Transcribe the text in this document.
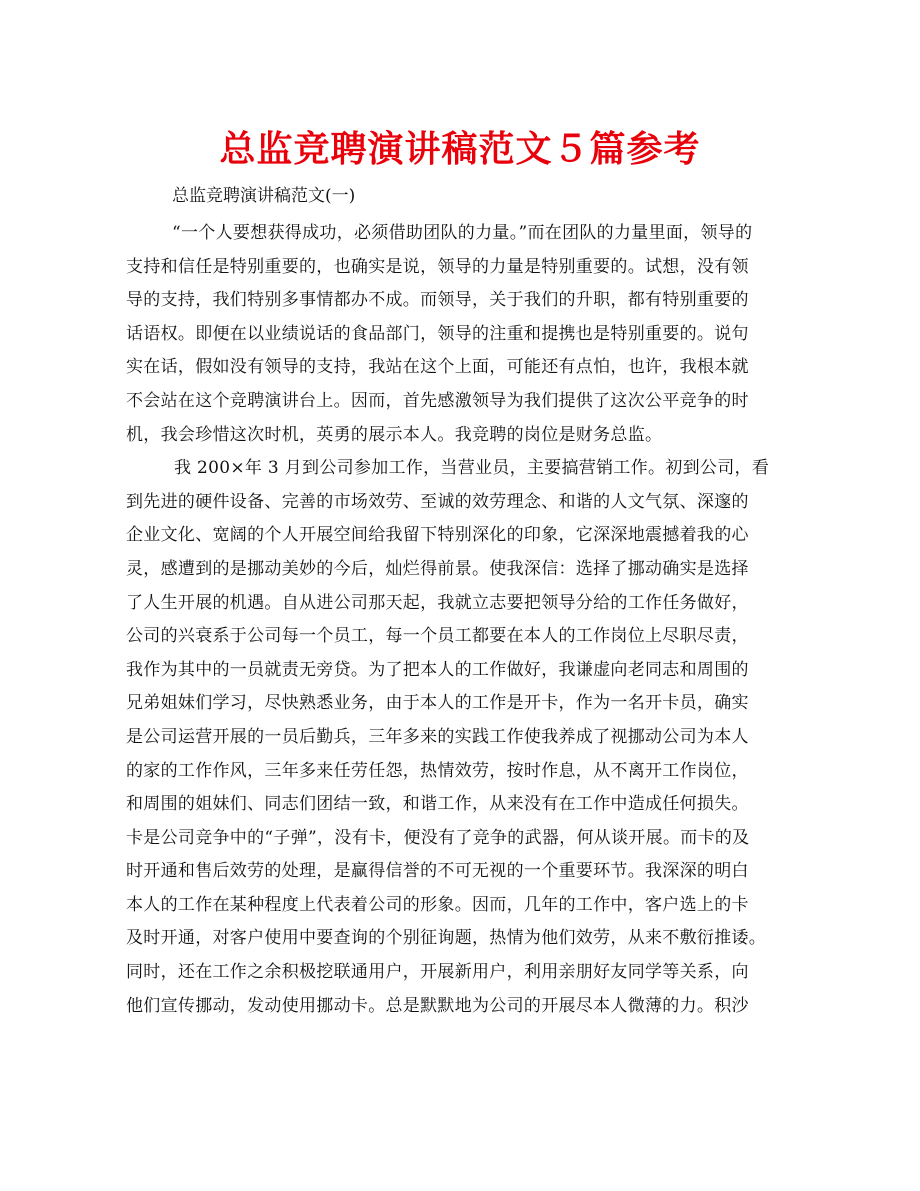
总监竞聘演讲稿范文５篇参考
总监竞聘演讲稿范文(一)

“一个人要想获得成功，必须借助团队的力量。”而在团队的力量里面，领导的
支持和信任是特别重要的，也确实是说，领导的力量是特别重要的。试想，没有领
导的支持，我们特别多事情都办不成。而领导，关于我们的升职，都有特别重要的
话语权。即便在以业绩说话的食品部门，领导的注重和提携也是特别重要的。说句
实在话，假如没有领导的支持，我站在这个上面，可能还有点怕，也许，我根本就
不会站在这个竞聘演讲台上。因而，首先感激领导为我们提供了这次公平竞争的时
机，我会珍惜这次时机，英勇的展示本人。我竞聘的岗位是财务总监。

我 200×年 3 月到公司参加工作，当营业员，主要搞营销工作。初到公司，看
到先进的硬件设备、完善的市场效劳、至诚的效劳理念、和谐的人文气氛、深邃的
企业文化、宽阔的个人开展空间给我留下特别深化的印象，它深深地震撼着我的心
灵，感遭到的是挪动美妙的今后，灿烂得前景。使我深信：选择了挪动确实是选择
了人生开展的机遇。自从进公司那天起，我就立志要把领导分给的工作任务做好，
公司的兴衰系于公司每一个员工，每一个员工都要在本人的工作岗位上尽职尽责，
我作为其中的一员就责无旁贷。为了把本人的工作做好，我谦虚向老同志和周围的
兄弟姐妹们学习，尽快熟悉业务，由于本人的工作是开卡，作为一名开卡员，确实
是公司运营开展的一员后勤兵，三年多来的实践工作使我养成了视挪动公司为本人
的家的工作作风，三年多来任劳任怨，热情效劳，按时作息，从不离开工作岗位，
和周围的姐妹们、同志们团结一致，和谐工作，从来没有在工作中造成任何损失。
卡是公司竞争中的“子弹”，没有卡，便没有了竞争的武器，何从谈开展。而卡的及
时开通和售后效劳的处理，是赢得信誉的不可无视的一个重要环节。我深深的明白
本人的工作在某种程度上代表着公司的形象。因而，几年的工作中，客户选上的卡
及时开通，对客户使用中要查询的个别征询题，热情为他们效劳，从来不敷衍推诿。
同时，还在工作之余积极挖联通用户，开展新用户，利用亲朋好友同学等关系，向
他们宣传挪动，发动使用挪动卡。总是默默地为公司的开展尽本人微薄的力。积沙
